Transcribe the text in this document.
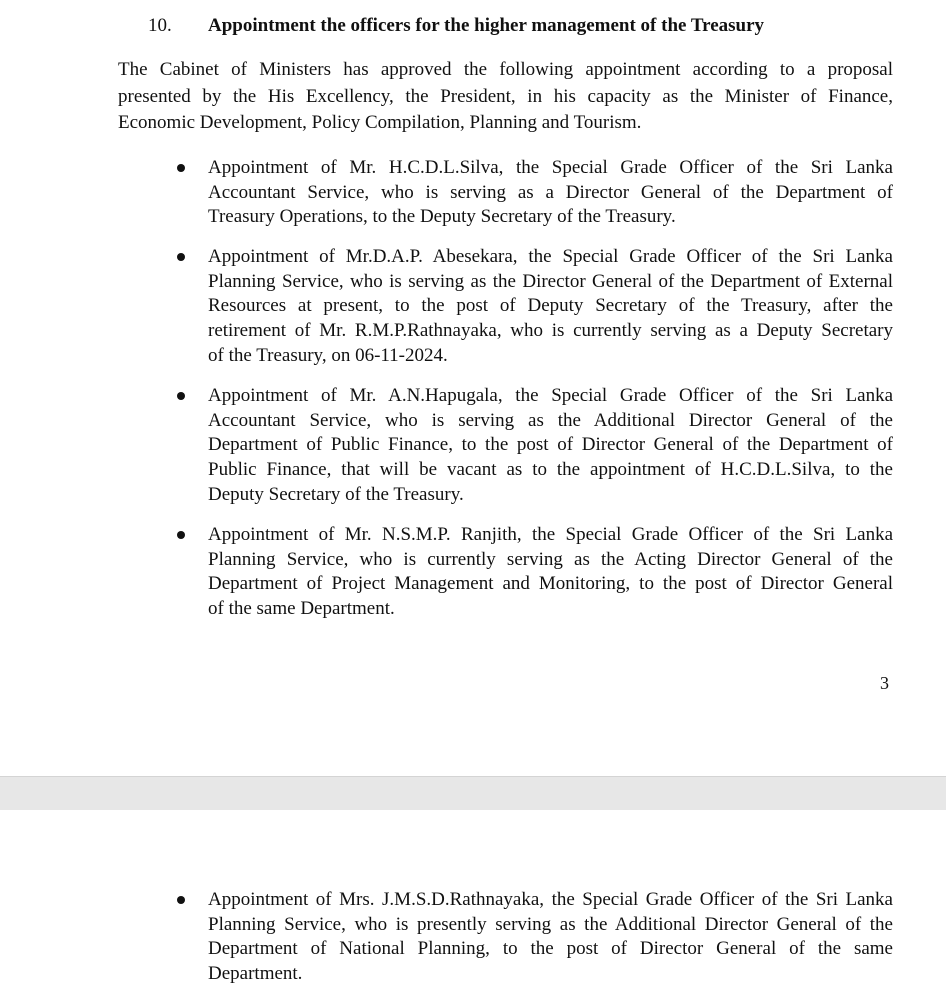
10. Appointment the officers for the higher management of the Treasury

The Cabinet of Ministers has approved the following appointment according to a proposal
presented by the His Excellency, the President, in his capacity as the Minister of Finance,
Economic Development, Policy Compilation, Planning and Tourism.

Appointment of Mr. H.C.D.L.Silva, the Special Grade Officer of the Sri Lanka
Accountant Service, who is serving as a Director General of the Department of
Treasury Operations, to the Deputy Secretary of the Treasury.

Appointment of Mr.D.A.P. Abesekara, the Special Grade Officer of the Sri Lanka
Planning Service, who is serving as the Director General of the Department of External
Resources at present, to the post of Deputy Secretary of the Treasury, after the
retirement of Mr. R.M.P.Rathnayaka, who is currently serving as a Deputy Secretary
of the Treasury, on 06-11-2024.

Appointment of Mr. A.N.Hapugala, the Special Grade Officer of the Sri Lanka
Accountant Service, who is serving as the Additional Director General of the
Department of Public Finance, to the post of Director General of the Department of
Public Finance, that will be vacant as to the appointment of H.C.D.L.Silva, to the
Deputy Secretary of the Treasury.

Appointment of Mr. N.S.M.P. Ranjith, the Special Grade Officer of the Sri Lanka
Planning Service, who is currently serving as the Acting Director General of the
Department of Project Management and Monitoring, to the post of Director General
of the same Department.

3

Appointment of Mrs. J.M.S.D.Rathnayaka, the Special Grade Officer of the Sri Lanka
Planning Service, who is presently serving as the Additional Director General of the
Department of National Planning, to the post of Director General of the same
Department.
